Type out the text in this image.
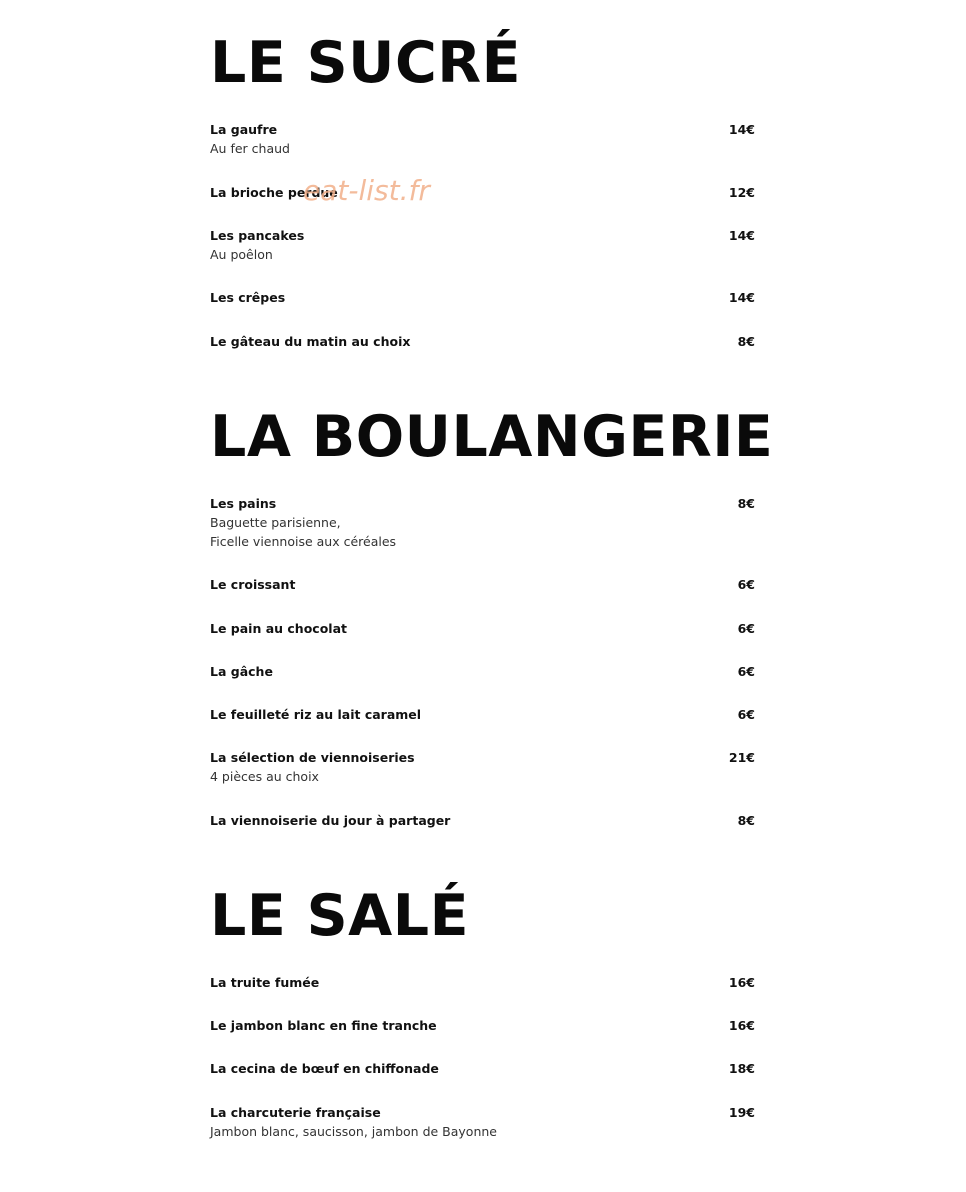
LE SUCRÉ
La gaufre	14€
Au fer chaud
La brioche perdue	12€
Les pancakes	14€
Au poêlon
Les crêpes	14€
Le gâteau du matin au choix	8€
LA BOULANGERIE
Les pains	8€
Baguette parisienne,
Ficelle viennoise aux céréales
Le croissant	6€
Le pain au chocolat	6€
La gâche	6€
Le feuilleté riz au lait caramel	6€
La sélection de viennoiseries	21€
4 pièces au choix
La viennoiserie du jour à partager	8€
LE SALÉ
La truite fumée	16€
Le jambon blanc en fine tranche	16€
La cecina de bœuf en chiffonade	18€
La charcuterie française	19€
Jambon blanc, saucisson, jambon de Bayonne
eat-list.fr
